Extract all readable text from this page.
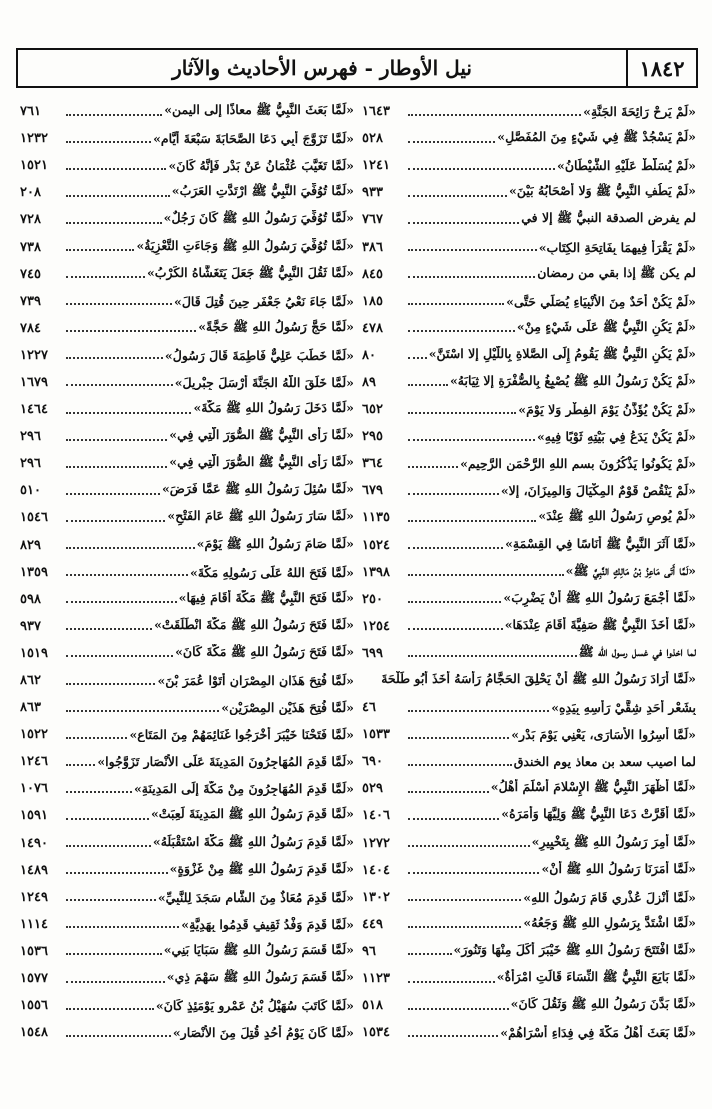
نيل الأوطار - فهرس الأحاديث والآثار	١٨٤٢
٧٦١	«لَمَّا بَعَثَ النَّبِيُّ ﷺ معاذًا إلى اليمن»
١٢٣٢	«لَمَّا تَزَوَّجَ أَبِي دَعَا الصَّحَابَةَ سَبْعَةَ أَيَّامٍ»
١٥٢١	«لَمَّا تَغَيَّبَ عُثْمَانُ عَنْ بَدْرٍ فَإِنَّهُ كَانَ»
٢٠٨	«لَمَّا تُوُفِّيَ النَّبِيُّ ﷺ ارْتَدَّتِ العَرَبُ»
٧٢٨	«لَمَّا تُوُفِّيَ رَسُولُ اللهِ ﷺ كَانَ رَجُلٌ»
٧٣٨	«لَمَّا تُوُفِّيَ رَسُولُ اللهِ ﷺ وَجَاءَتِ التَّعْزِيَةُ»
٧٤٥	«لَمَّا ثَقُلَ النَّبِيُّ ﷺ جَعَلَ يَتَغَشَّاهُ الكَرْبُ»
٧٣٩	«لَمَّا جَاءَ نَعْيُ جَعْفَرٍ حِينَ قُتِلَ قَالَ»
٧٨٤	«لَمَّا حَجَّ رَسُولُ اللهِ ﷺ حَجَّةً»
١٢٢٧	«لَمَّا خَطَبَ عَلِيٌّ فَاطِمَةَ قَالَ رَسُولُ»
١٦٧٩	«لَمَّا خَلَقَ اللَّهُ الجَنَّةَ أَرْسَلَ جِبْرِيلَ»
١٤٦٤	«لَمَّا دَخَلَ رَسُولُ اللهِ ﷺ مَكَّةَ»
٢٩٦	«لَمَّا رَأَى النَّبِيُّ ﷺ الصُّوَرَ الَّتِي فِي»
٢٩٦	«لَمَّا رَأَى النَّبِيُّ ﷺ الصُّوَرَ الَّتِي فِي»
٥١٠	«لَمَّا سُئِلَ رَسُولُ اللهِ ﷺ عَمَّا فَرَضَ»
١٥٤٦	«لَمَّا سَارَ رَسُولُ اللهِ ﷺ عَامَ الفَتْحِ»
٨٢٩	«لَمَّا صَامَ رَسُولُ اللهِ ﷺ يَوْمَ»
١٣٥٩	«لَمَّا فَتَحَ اللهُ عَلَى رَسُولِهِ مَكَّةَ»
٥٩٨	«لَمَّا فَتَحَ النَّبِيُّ ﷺ مَكَّةَ أَقَامَ فِيهَا»
٩٣٧	«لَمَّا فَتَحَ رَسُولُ اللهِ ﷺ مَكَّةَ انْطَلَقَتْ»
١٥١٩	«لَمَّا فَتَحَ رَسُولُ اللهِ ﷺ مَكَّةَ كَانَ»
٨٦٢	«لَمَّا فُتِحَ هَذَانِ المِصْرَانِ أَتَوْا عُمَرَ بْنَ»
٨٦٣	«لَمَّا فُتِحَ هَذَيْنِ المِصْرَيْنِ»
١٥٢٢	«لَمَّا فَتَحْنَا خَيْبَرَ أَخْرَجُوا غَنَائِمَهُمْ مِنَ المَتَاعِ»
١٢٤٦	«لَمَّا قَدِمَ المُهَاجِرُونَ المَدِينَةَ عَلَى الأَنْصَارِ تَزَوَّجُوا»
١٠٧٦	«لَمَّا قَدِمَ المُهَاجِرُونَ مِنْ مَكَّةَ إِلَى المَدِينَةِ»
١٥٩١	«لَمَّا قَدِمَ رَسُولُ اللهِ ﷺ المَدِينَةَ لَعِبَتْ»
١٤٩٠	«لَمَّا قَدِمَ رَسُولُ اللهِ ﷺ مَكَّةَ اسْتَقْبَلَهُ»
١٤٨٩	«لَمَّا قَدِمَ رَسُولُ اللهِ ﷺ مِنْ غَزْوَةٍ»
١٢٤٩	«لَمَّا قَدِمَ مُعَاذٌ مِنَ الشَّامِ سَجَدَ لِلنَّبِيِّ»
١١١٤	«لَمَّا قَدِمَ وَفْدُ ثَقِيفٍ قَدِمُوا بِهَدِيَّةٍ»
١٥٣٦	«لَمَّا قَسَمَ رَسُولُ اللهِ ﷺ سَبَايَا بَنِي»
١٥٧٧	«لَمَّا قَسَمَ رَسُولُ اللهِ ﷺ سَهْمَ ذِي»
١٥٥٦	«لَمَّا كَاتَبَ سُهَيْلُ بْنُ عَمْرٍو يَوْمَئِذٍ كَانَ»
١٥٤٨	«لَمَّا كَانَ يَوْمُ أُحُدٍ قُتِلَ مِنَ الأَنْصَارِ»
١٦٤٣	«لَمْ يَرِحْ رَائِحَةَ الجَنَّةِ»
٥٢٨	«لَمْ يَسْجُدْ ﷺ فِي شَيْءٍ مِنَ المُفَصَّلِ»
١٢٤١	«لَمْ يُسَلَّطْ عَلَيْهِ الشَّيْطَانُ»
٩٣٣	«لَمْ يَطُفِ النَّبِيُّ ﷺ وَلا أَصْحَابُهُ بَيْنَ»
٧٦٧	لم يفرض الصدقة النبيُّ ﷺ إلا في
٣٨٦	«لَمْ يَقْرَأْ فِيهِمَا بِفَاتِحَةِ الكِتَابِ»
٨٤٥	لم يكن ﷺ إذا بقي من رمضان
١٨٥	«لَمْ يَكُنْ أَحَدٌ مِنَ الأَنْبِيَاءِ يُصَلِّي حَتَّى»
٤٧٨	«لَمْ يَكُنِ النَّبِيُّ ﷺ عَلَى شَيْءٍ مِنْ»
٨٠	«لَمْ يَكُنِ النَّبِيُّ ﷺ يَقُومُ إِلَى الصَّلاةِ بِاللَّيْلِ إلا اسْتَنَّ»
٨٩	«لَمْ يَكُنْ رَسُولُ اللهِ ﷺ يُصْبِغُ بِالصُّفْرَةِ إلا ثِيَابَهُ»
٦٥٢	«لَمْ يَكُنْ يُؤَذَّنُ يَوْمَ الفِطْرِ وَلا يَوْمَ»
٢٩٥	«لَمْ يَكُنْ يَدَعُ فِي بَيْتِهِ ثَوْبًا فِيهِ»
٣٦٤	«لَمْ يَكُونُوا يَذْكُرُونَ بسم اللهِ الرَّحْمَنِ الرَّحِيمِ»
٦٧٩	«لَمْ يَنْقُصْ قَوْمٌ المِكْيَالَ وَالمِيزَانَ، إلا»
١١٣٥	«لَمْ يُوصِ رَسُولُ اللهِ ﷺ عِنْدَ»
١٥٢٤	«لَمَّا آثَرَ النَّبِيُّ ﷺ أُنَاسًا فِي القِسْمَةِ»
١٣٩٨	«لَمَّا أَتَى مَاعِزُ بْنُ مَالِكٍ النَّبِيَّ ﷺ»
٢٥٠	«لَمَّا أَجْمَعَ رَسُولُ اللهِ ﷺ أَنْ يَضْرِبَ»
١٢٥٤	«لَمَّا أَخَذَ النَّبِيُّ ﷺ صَفِيَّةَ أَقَامَ عِنْدَهَا»
٦٩٩	لما اخذوا في غسل رسول الله ﷺ
«لَمَّا أَرَادَ رَسُولُ اللهِ ﷺ أَنْ يَحْلِقَ الحَجَّامُ رَأْسَهُ أَخَذَ أَبُو طَلْحَةَ
٤٦	بِشَعْرِ أَحَدِ شِقَّيْ رَأْسِهِ بِيَدِهِ»
١٥٣٣	«لَمَّا أُسِرُوا الأُسَارَى، يَعْنِي يَوْمَ بَدْرٍ»
٦٩٠	لما اصيب سعد بن معاذ يوم الخندق
٥٢٩	«لَمَّا أَظْهَرَ النَّبِيُّ ﷺ الإِسْلامَ أَسْلَمَ أَهْلُ»
١٤٠٦	«لَمَّا أَقَرَّتْ دَعَا النَّبِيُّ ﷺ وَلِيَّهَا وَأَمَرَهُ»
١٢٧٢	«لَمَّا أُمِرَ رَسُولُ اللهِ ﷺ بِتَخْيِيرِ»
١٤٠٤	«لَمَّا أَمَرَنَا رَسُولُ اللهِ ﷺ أَنْ»
١٣٠٢	«لَمَّا أُنْزِلَ عُذْرِي قَامَ رَسُولُ اللهِ»
٤٤٩	«لَمَّا اشْتَدَّ بِرَسُولِ اللهِ ﷺ وَجَعُهُ»
٩٦	«لَمَّا افْتَتَحَ رَسُولُ اللهِ ﷺ خَيْبَرَ أَكَلَ مِنْهَا وَتَنُورَ»
١١٢٣	«لَمَّا بَايَعَ النَّبِيُّ ﷺ النِّسَاءَ قَالَتِ امْرَأَةٌ»
٥١٨	«لَمَّا بَدَّنَ رَسُولُ اللهِ ﷺ وَثَقُلَ كَانَ»
١٥٣٤	«لَمَّا بَعَثَ أَهْلُ مَكَّةَ فِي فِدَاءِ أَسْرَاهُمْ»
